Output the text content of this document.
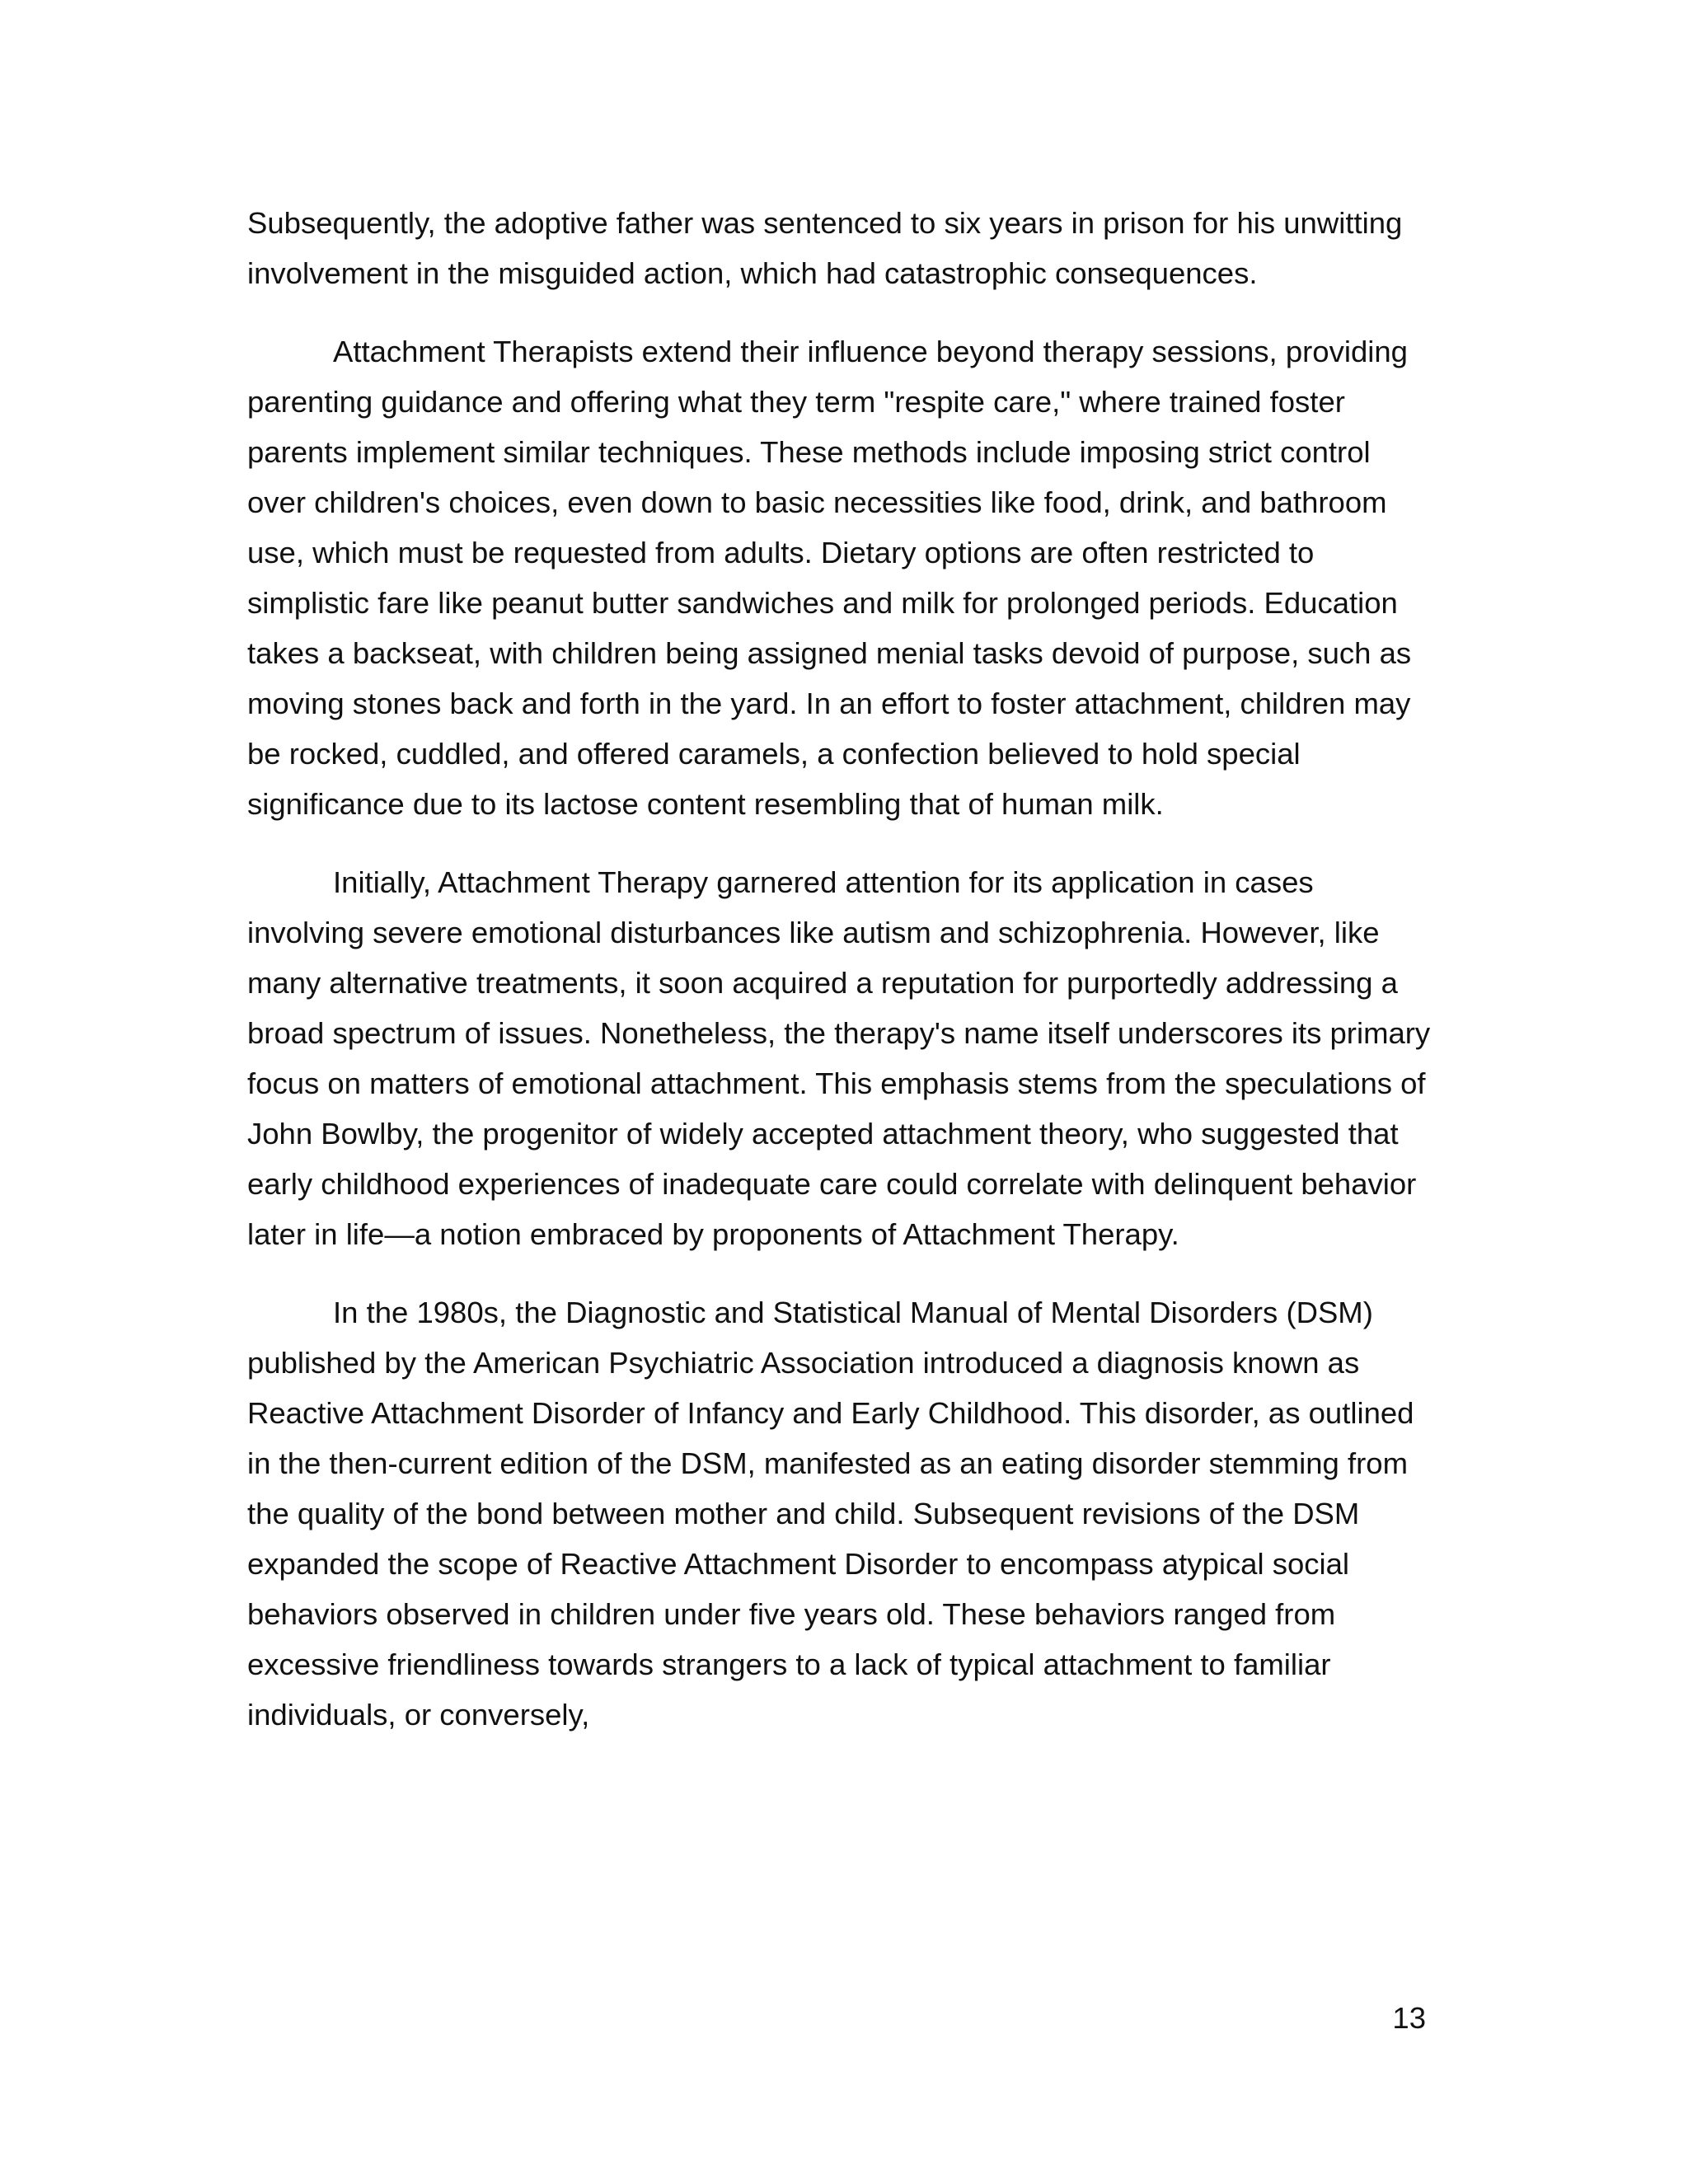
Subsequently, the adoptive father was sentenced to six years in prison for his unwitting involvement in the misguided action, which had catastrophic consequences.

Attachment Therapists extend their influence beyond therapy sessions, providing parenting guidance and offering what they term "respite care," where trained foster parents implement similar techniques. These methods include imposing strict control over children's choices, even down to basic necessities like food, drink, and bathroom use, which must be requested from adults. Dietary options are often restricted to simplistic fare like peanut butter sandwiches and milk for prolonged periods. Education takes a backseat, with children being assigned menial tasks devoid of purpose, such as moving stones back and forth in the yard. In an effort to foster attachment, children may be rocked, cuddled, and offered caramels, a confection believed to hold special significance due to its lactose content resembling that of human milk.

Initially, Attachment Therapy garnered attention for its application in cases involving severe emotional disturbances like autism and schizophrenia. However, like many alternative treatments, it soon acquired a reputation for purportedly addressing a broad spectrum of issues. Nonetheless, the therapy's name itself underscores its primary focus on matters of emotional attachment. This emphasis stems from the speculations of John Bowlby, the progenitor of widely accepted attachment theory, who suggested that early childhood experiences of inadequate care could correlate with delinquent behavior later in life—a notion embraced by proponents of Attachment Therapy.

In the 1980s, the Diagnostic and Statistical Manual of Mental Disorders (DSM) published by the American Psychiatric Association introduced a diagnosis known as Reactive Attachment Disorder of Infancy and Early Childhood. This disorder, as outlined in the then-current edition of the DSM, manifested as an eating disorder stemming from the quality of the bond between mother and child. Subsequent revisions of the DSM expanded the scope of Reactive Attachment Disorder to encompass atypical social behaviors observed in children under five years old. These behaviors ranged from excessive friendliness towards strangers to a lack of typical attachment to familiar individuals, or conversely,

13
